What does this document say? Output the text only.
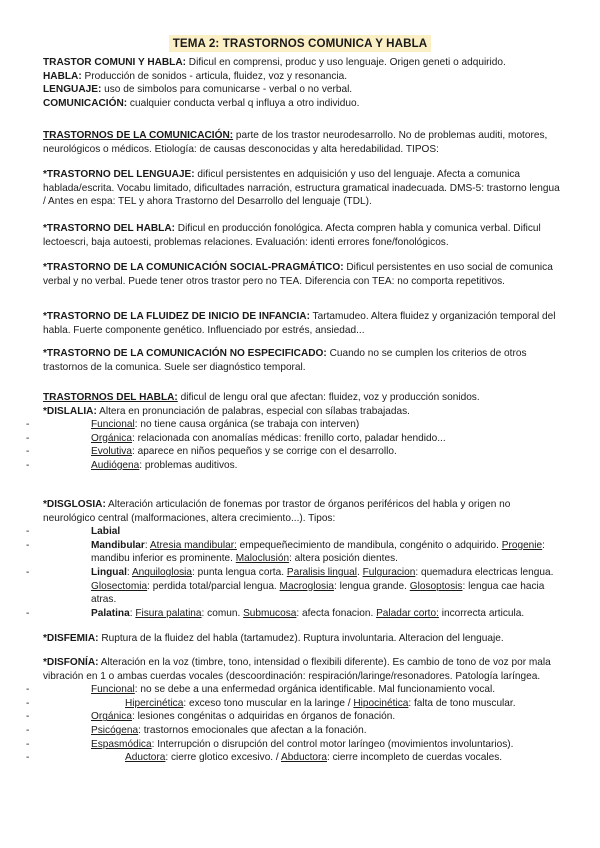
TEMA 2: TRASTORNOS COMUNICA Y HABLA

TRASTOR COMUNI Y HABLA: Dificul en comprensi, produc y uso lenguaje. Origen geneti o adquirido.

HABLA: Producción de sonidos - articula, fluidez, voz y resonancia.

LENGUAJE: uso de simbolos para comunicarse - verbal o no verbal.

COMUNICACIÓN: cualquier conducta verbal q influya a otro individuo.

TRASTORNOS DE LA COMUNICACIÓN: parte de los trastor neurodesarrollo. No de problemas auditi, motores, neurológicos o médicos. Etiología: de causas desconocidas y alta heredabilidad. TIPOS:

*TRASTORNO DEL LENGUAJE: dificul persistentes en adquisición y uso del lenguaje. Afecta a comunica hablada/escrita. Vocabu limitado, dificultades narración, estructura gramatical inadecuada. DMS-5: trastorno lengua / Antes en espa: TEL y ahora Trastorno del Desarrollo del lenguaje (TDL).

*TRASTORNO DEL HABLA: Dificul en producción fonológica. Afecta compren habla y comunica verbal. Dificul lectoescri, baja autoesti, problemas relaciones. Evaluación: identi errores fone/fonológicos.

*TRASTORNO DE LA COMUNICACIÓN SOCIAL-PRAGMÁTICO: Dificul persistentes en uso social de comunica verbal y no verbal. Puede tener otros trastor pero no TEA. Diferencia con TEA: no comporta repetitivos.

*TRASTORNO DE LA FLUIDEZ DE INICIO DE INFANCIA: Tartamudeo. Altera fluidez y organización temporal del habla. Fuerte componente genético. Influenciado por estrés, ansiedad...

*TRASTORNO DE LA COMUNICACIÓN NO ESPECIFICADO: Cuando no se cumplen los criterios de otros trastornos de la comunica. Suele ser diagnóstico temporal.

TRASTORNOS DEL HABLA: dificul de lengu oral que afectan: fluidez, voz y producción sonidos.

*DISLALIA: Altera en pronunciación de palabras, especial con sílabas trabajadas.

-	Funcional: no tiene causa orgánica (se trabaja con interven)

-	Orgánica: relacionada con anomalías médicas: frenillo corto, paladar hendido...

-	Evolutiva: aparece en niños pequeños y se corrige con el desarrollo.

-	Audiógena: problemas auditivos.

*DISGLOSIA: Alteración articulación de fonemas por trastor de órganos periféricos del habla y origen no neurológico central (malformaciones, altera crecimiento...). Tipos:

-	Labial

-	Mandibular: Atresia mandibular: empequeñecimiento de mandibula, congénito o adquirido. Progenie: mandibu inferior es prominente. Maloclusión: altera posición dientes.

-	Lingual: Anquiloglosia: punta lengua corta. Paralisis lingual. Fulguracion: quemadura electricas lengua. Glosectomia: perdida total/parcial lengua. Macroglosia: lengua grande. Glosoptosis: lengua cae hacia atras.

-	Palatina: Fisura palatina: comun. Submucosa: afecta fonacion. Paladar corto: incorrecta articula.

*DISFEMIA: Ruptura de la fluidez del habla (tartamudez). Ruptura involuntaria. Alteracion del lenguaje.

*DISFONÍA: Alteración en la voz (timbre, tono, intensidad o flexibili diferente). Es cambio de tono de voz por mala vibración en 1 o ambas cuerdas vocales (descoordinación: respiración/laringe/resonadores. Patología laríngea.

-	Funcional: no se debe a una enfermedad orgánica identificable. Mal funcionamiento vocal.

-	Hipercinética: exceso tono muscular en la laringe / Hipocinética: falta de tono muscular.

-	Orgánica: lesiones congénitas o adquiridas en órganos de fonación.

-	Psicógena: trastornos emocionales que afectan a la fonación.

-	Espasmódica: Interrupción o disrupción del control motor laríngeo (movimientos involuntarios).

-	Aductora: cierre glotico excesivo. / Abductora: cierre incompleto de cuerdas vocales.
